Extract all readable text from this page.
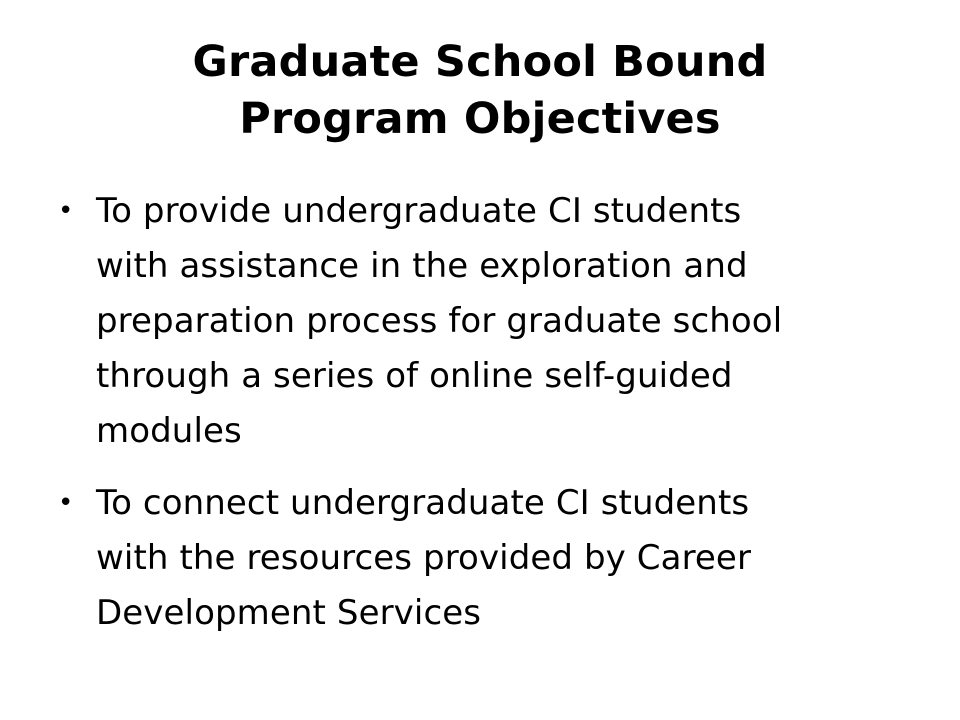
Graduate School Bound
Program Objectives
• To provide undergraduate CI students
with assistance in the exploration and
preparation process for graduate school
through a series of online self-guided
modules
• To connect undergraduate CI students
with the resources provided by Career
Development Services
